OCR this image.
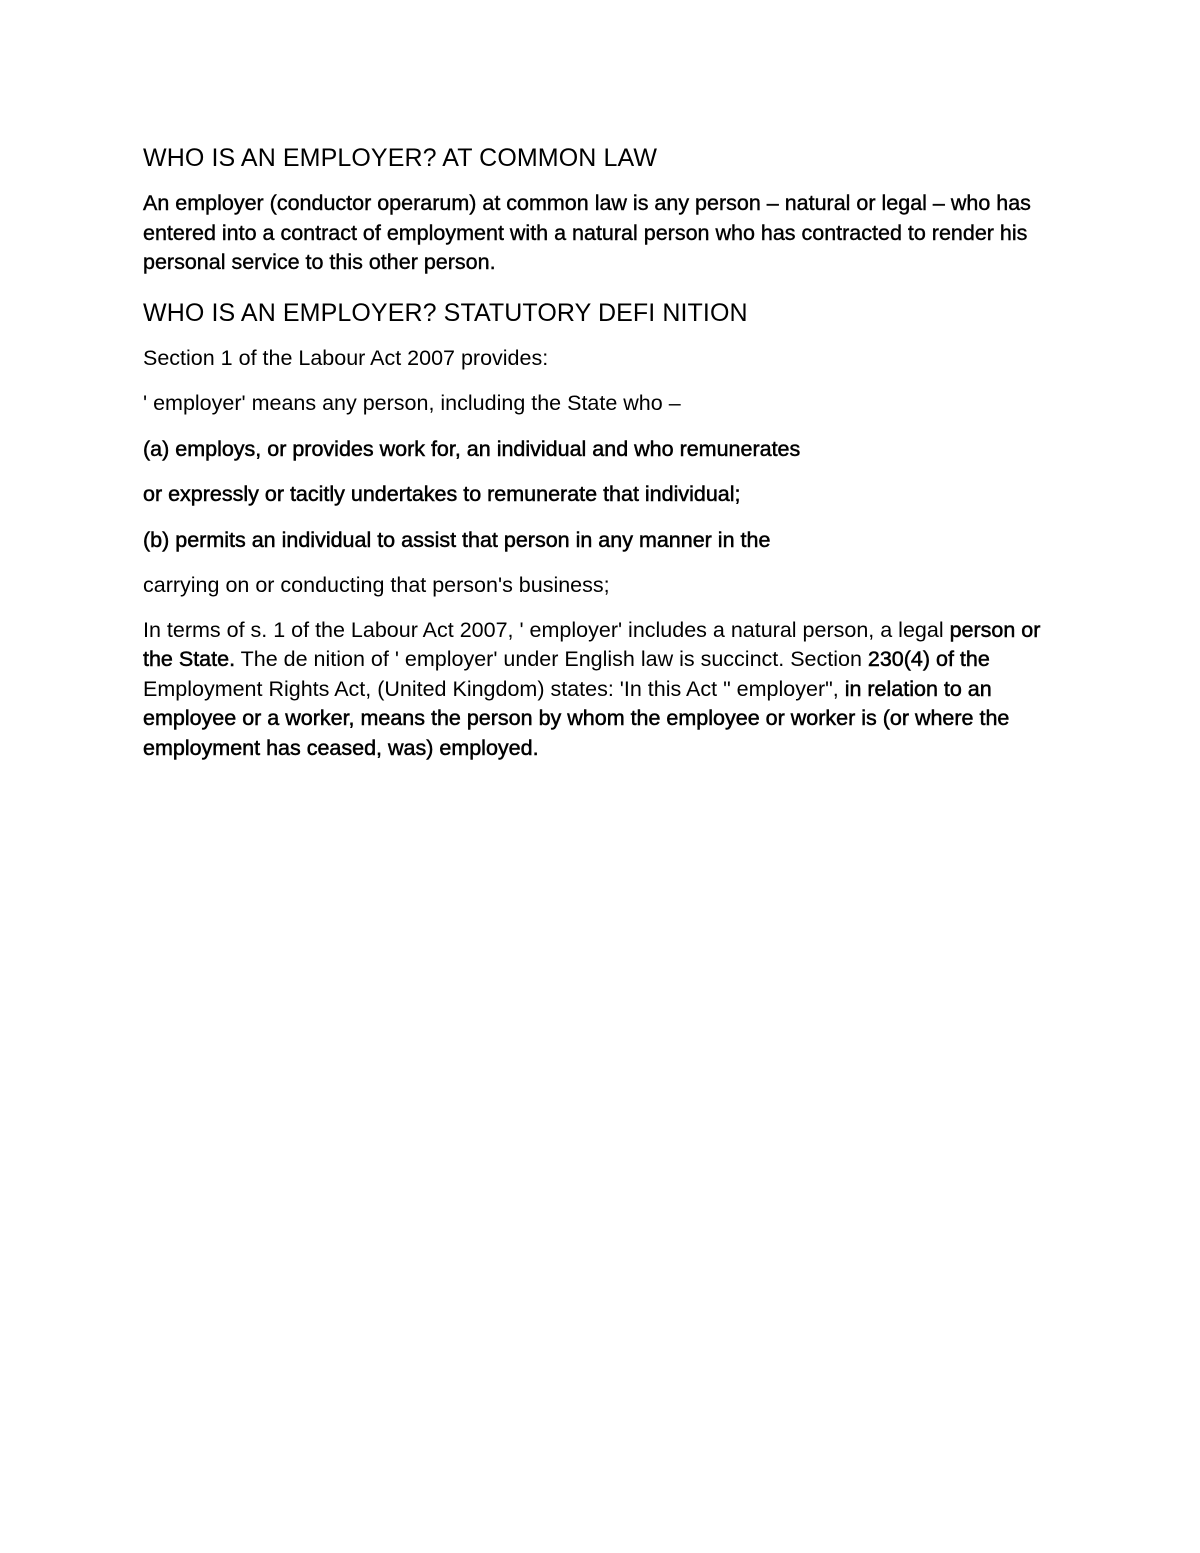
WHO IS AN EMPLOYER? AT COMMON LAW
An employer (conductor operarum) at common law is any person – natural or legal – who has entered into a contract of employment with a natural person who has contracted to render his personal service to this other person.
WHO IS AN EMPLOYER? STATUTORY DEFI NITION
Section 1 of the Labour Act 2007 provides:
' employer' means any person, including the State who –
(a) employs, or provides work for, an individual and who remunerates
or expressly or tacitly undertakes to remunerate that individual;
(b) permits an individual to assist that person in any manner in the
carrying on or conducting that person's business;
In terms of s. 1 of the Labour Act 2007, ' employer' includes a natural person, a legal person or the State. The de nition of ' employer' under English law is succinct. Section 230(4) of the Employment Rights Act, (United Kingdom) states: 'In this Act " employer", in relation to an employee or a worker, means the person by whom the employee or worker is (or where the employment has ceased, was) employed.
